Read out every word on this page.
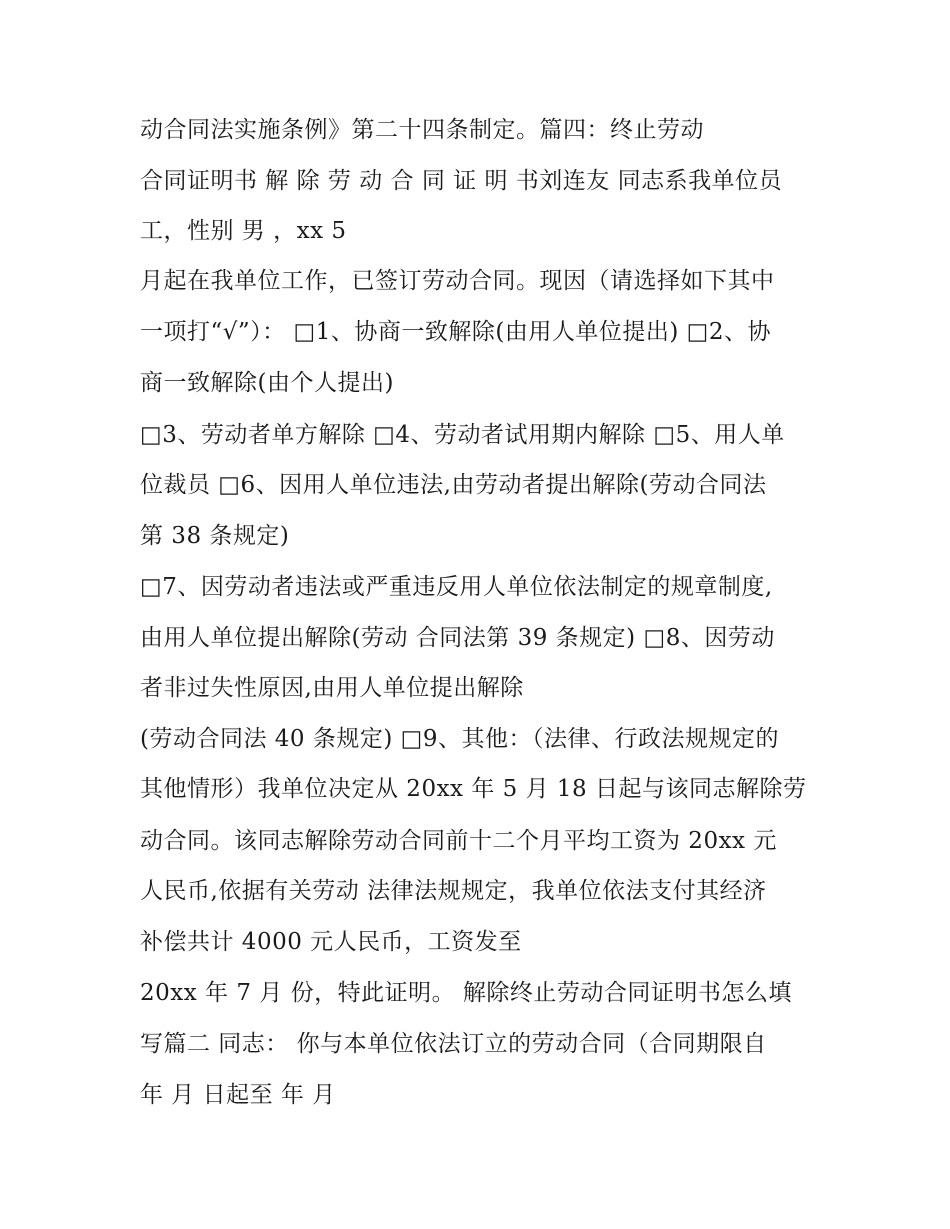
动合同法实施条例》第二十四条制定。篇四：终止劳动
合同证明书 解 除 劳 动 合 同 证 明 书刘连友 同志系我单位员
工，性别 男 ，xx 5
月起在我单位工作，已签订劳动合同。现因（请选择如下其中
一项打“√”）： □1、协商一致解除(由用人单位提出) □2、协
商一致解除(由个人提出)
□3、劳动者单方解除 □4、劳动者试用期内解除 □5、用人单
位裁员 □6、因用人单位违法,由劳动者提出解除(劳动合同法
第 38 条规定)
□7、因劳动者违法或严重违反用人单位依法制定的规章制度,
由用人单位提出解除(劳动 合同法第 39 条规定) □8、因劳动
者非过失性原因,由用人单位提出解除
(劳动合同法 40 条规定) □9、其他：（法律、行政法规规定的
其他情形）我单位决定从 20xx 年 5 月 18 日起与该同志解除劳
动合同。该同志解除劳动合同前十二个月平均工资为 20xx 元
人民币,依据有关劳动 法律法规规定，我单位依法支付其经济
补偿共计 4000 元人民币，工资发至
20xx 年 7 月 份，特此证明。 解除终止劳动合同证明书怎么填
写篇二 同志： 你与本单位依法订立的劳动合同（合同期限自
年 月 日起至 年 月
